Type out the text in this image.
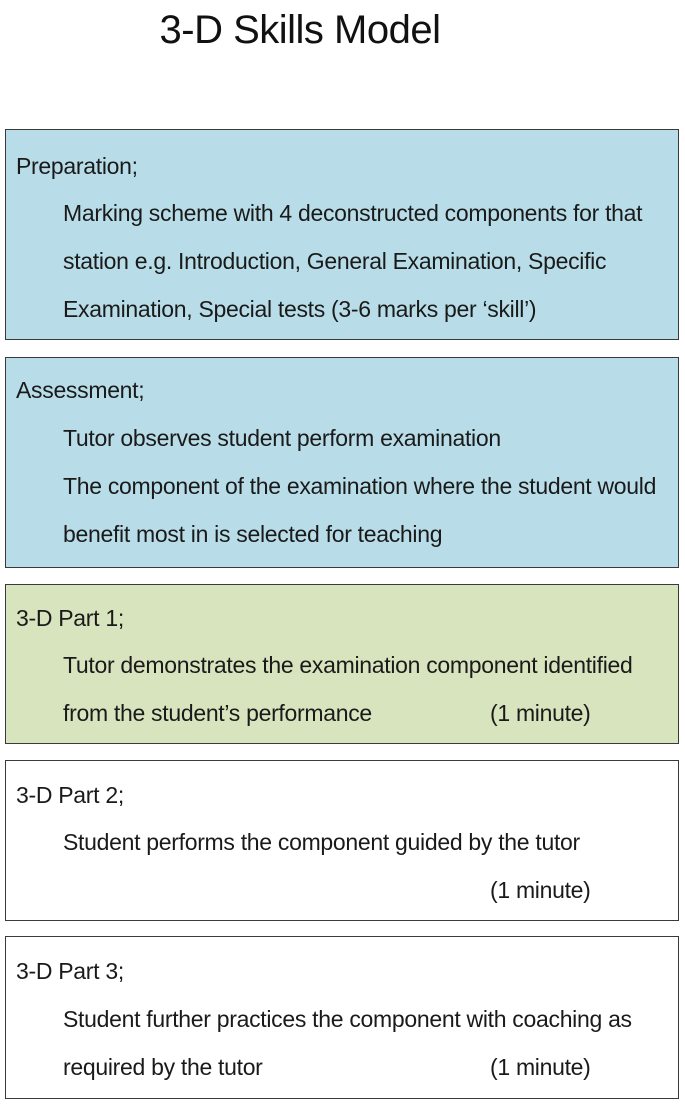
3-D Skills Model
Preparation;
Marking scheme with 4 deconstructed components for that
station e.g. Introduction, General Examination, Specific
Examination, Special tests (3-6 marks per ‘skill’)
Assessment;
Tutor observes student perform examination
The component of the examination where the student would
benefit most in is selected for teaching
3-D Part 1;
Tutor demonstrates the examination component identified
from the student’s performance	(1 minute)
3-D Part 2;
Student performs the component guided by the tutor
(1 minute)
3-D Part 3;
Student further practices the component with coaching as
required by the tutor	(1 minute)
